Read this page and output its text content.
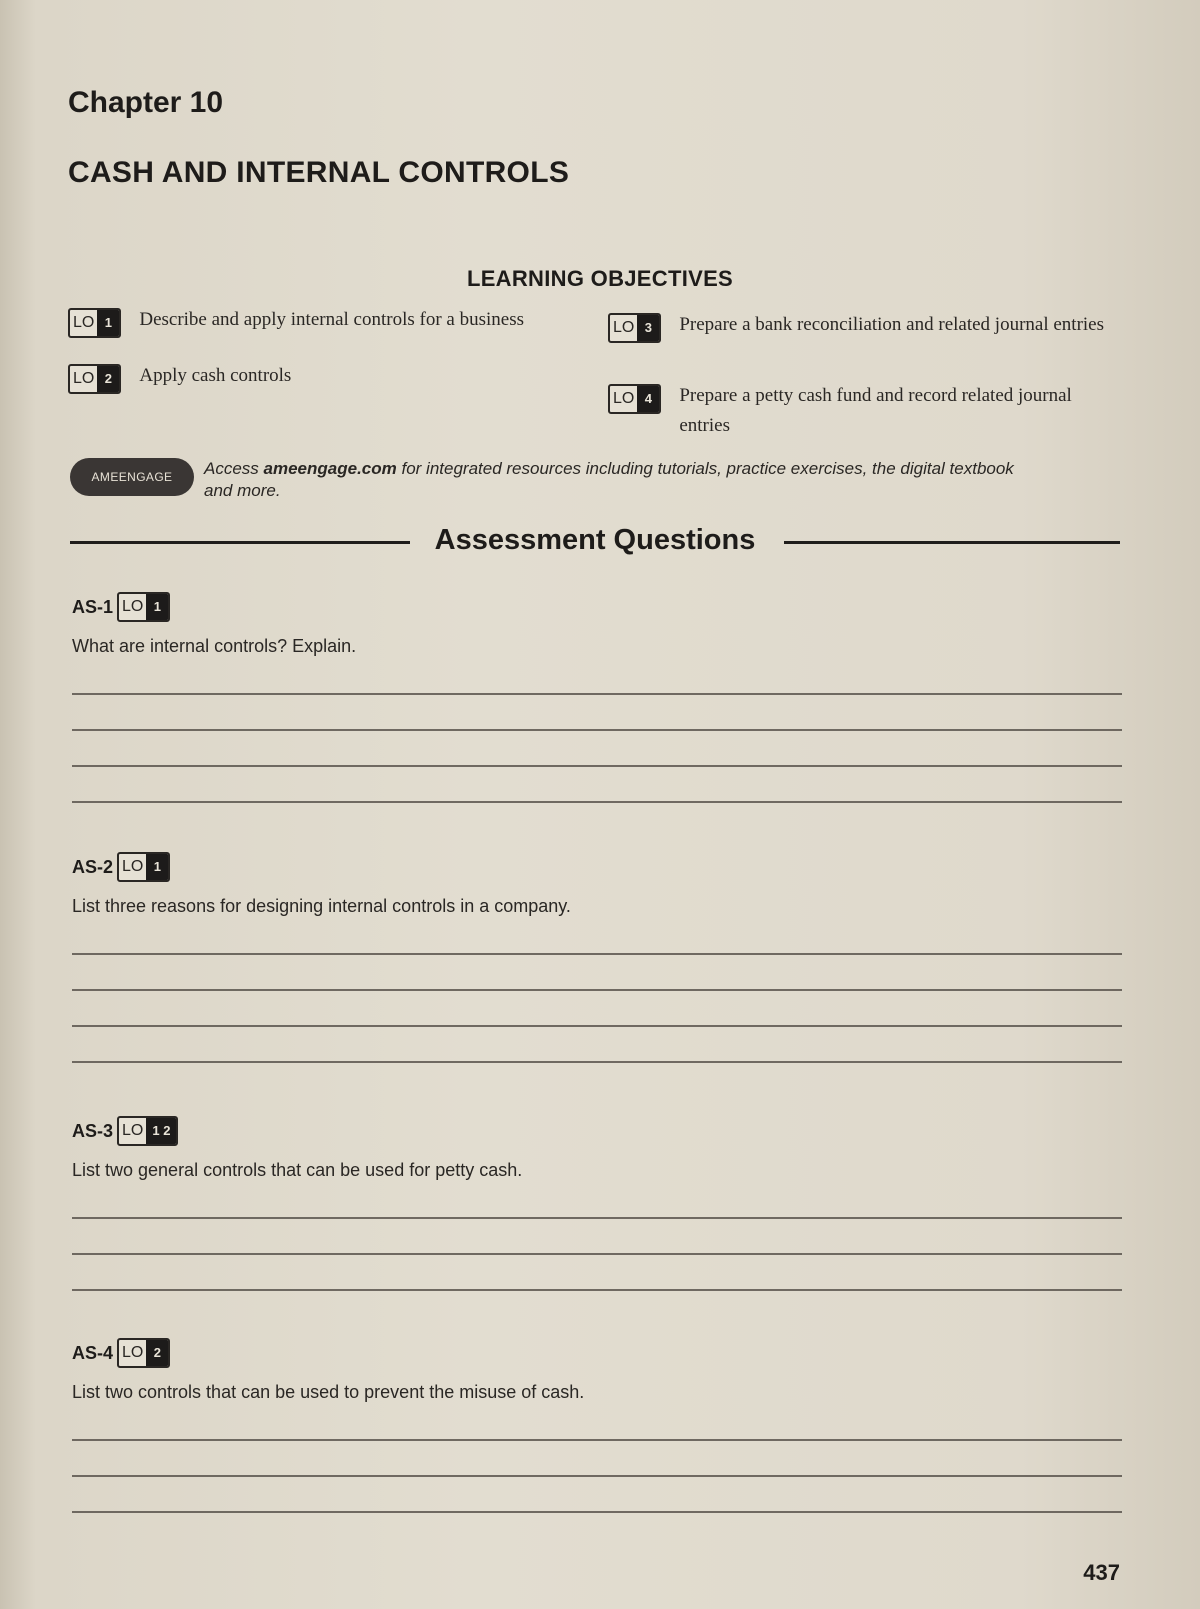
Chapter 10
CASH AND INTERNAL CONTROLS
LEARNING OBJECTIVES
LO 1	Describe and apply internal controls for a business
LO 2	Apply cash controls
LO 3	Prepare a bank reconciliation and related journal entries
LO 4	Prepare a petty cash fund and record related journal entries
AMEENGAGE	Access ameengage.com for integrated resources including tutorials, practice exercises, the digital textbook and more.
Assessment Questions
AS-1 LO 1
What are internal controls? Explain.
AS-2 LO 1
List three reasons for designing internal controls in a company.
AS-3 LO 1 2
List two general controls that can be used for petty cash.
AS-4 LO 2
List two controls that can be used to prevent the misuse of cash.
437
